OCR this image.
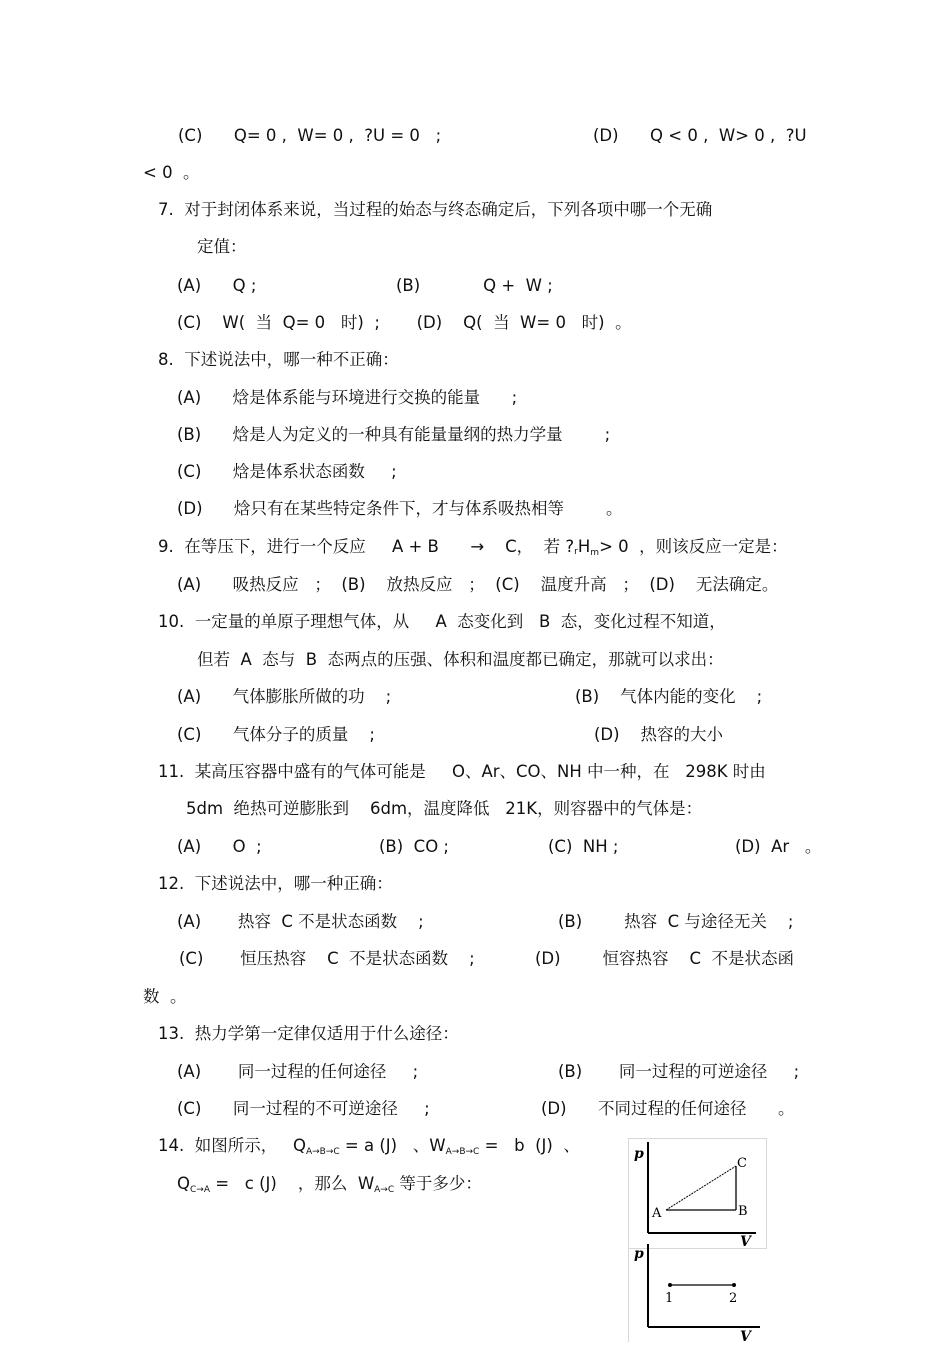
(C)      Q= 0 ,  W= 0 ,  ?U = 0   ;	(D)      Q < 0 ,  W> 0 ,  ?U
< 0  。
7.  对于封闭体系来说，当过程的始态与终态确定后，下列各项中哪一个无确
定值：
(A)      Q ;	(B)            Q +  W ;
(C)    W(  当  Q= 0   时)  ;       (D)    Q(  当  W= 0   时)  。
8.  下述说法中，哪一种不正确：
(A)      焓是体系能与环境进行交换的能量      ;
(B)      焓是人为定义的一种具有能量量纲的热力学量        ;
(C)      焓是体系状态函数     ;
(D)      焓只有在某些特定条件下，才与体系吸热相等        。
9.  在等压下，进行一个反应     A + B      →    C，  若 ?rHm> 0  ，则该反应一定是：
(A)      吸热反应   ；  (B)    放热反应   ；  (C)    温度升高   ；  (D)    无法确定。
10.  一定量的单原子理想气体，从     A  态变化到   B  态，变化过程不知道，
但若  A  态与  B  态两点的压强、体积和温度都已确定，那就可以求出：
(A)      气体膨胀所做的功    ;	(B)    气体内能的变化    ;
(C)      气体分子的质量    ;	(D)    热容的大小
11.  某高压容器中盛有的气体可能是     O、Ar、CO、NH 中一种，在   298K 时由
5dm  绝热可逆膨胀到    6dm，温度降低   21K，则容器中的气体是：
(A)      O  ;	(B)  CO ;	(C)  NH ;	(D)  Ar   。
12.  下述说法中，哪一种正确：
(A)       热容  C 不是状态函数    ;	(B)        热容  C 与途径无关    ;
(C)       恒压热容    C  不是状态函数    ;	(D)        恒容热容    C  不是状态函
数  。
13.  热力学第一定律仅适用于什么途径：
(A)       同一过程的任何途径     ;	(B)       同一过程的可逆途径     ;
(C)      同一过程的不可逆途径     ;	(D)      不同过程的任何途径      。
14.  如图所示，   QA→B→C = a (J)   、WA→B→C =   b  (J)  、
QC→A =   c (J)    ，那么  WA→C 等于多少：
p
V
A	B
C
p
V
1	2
